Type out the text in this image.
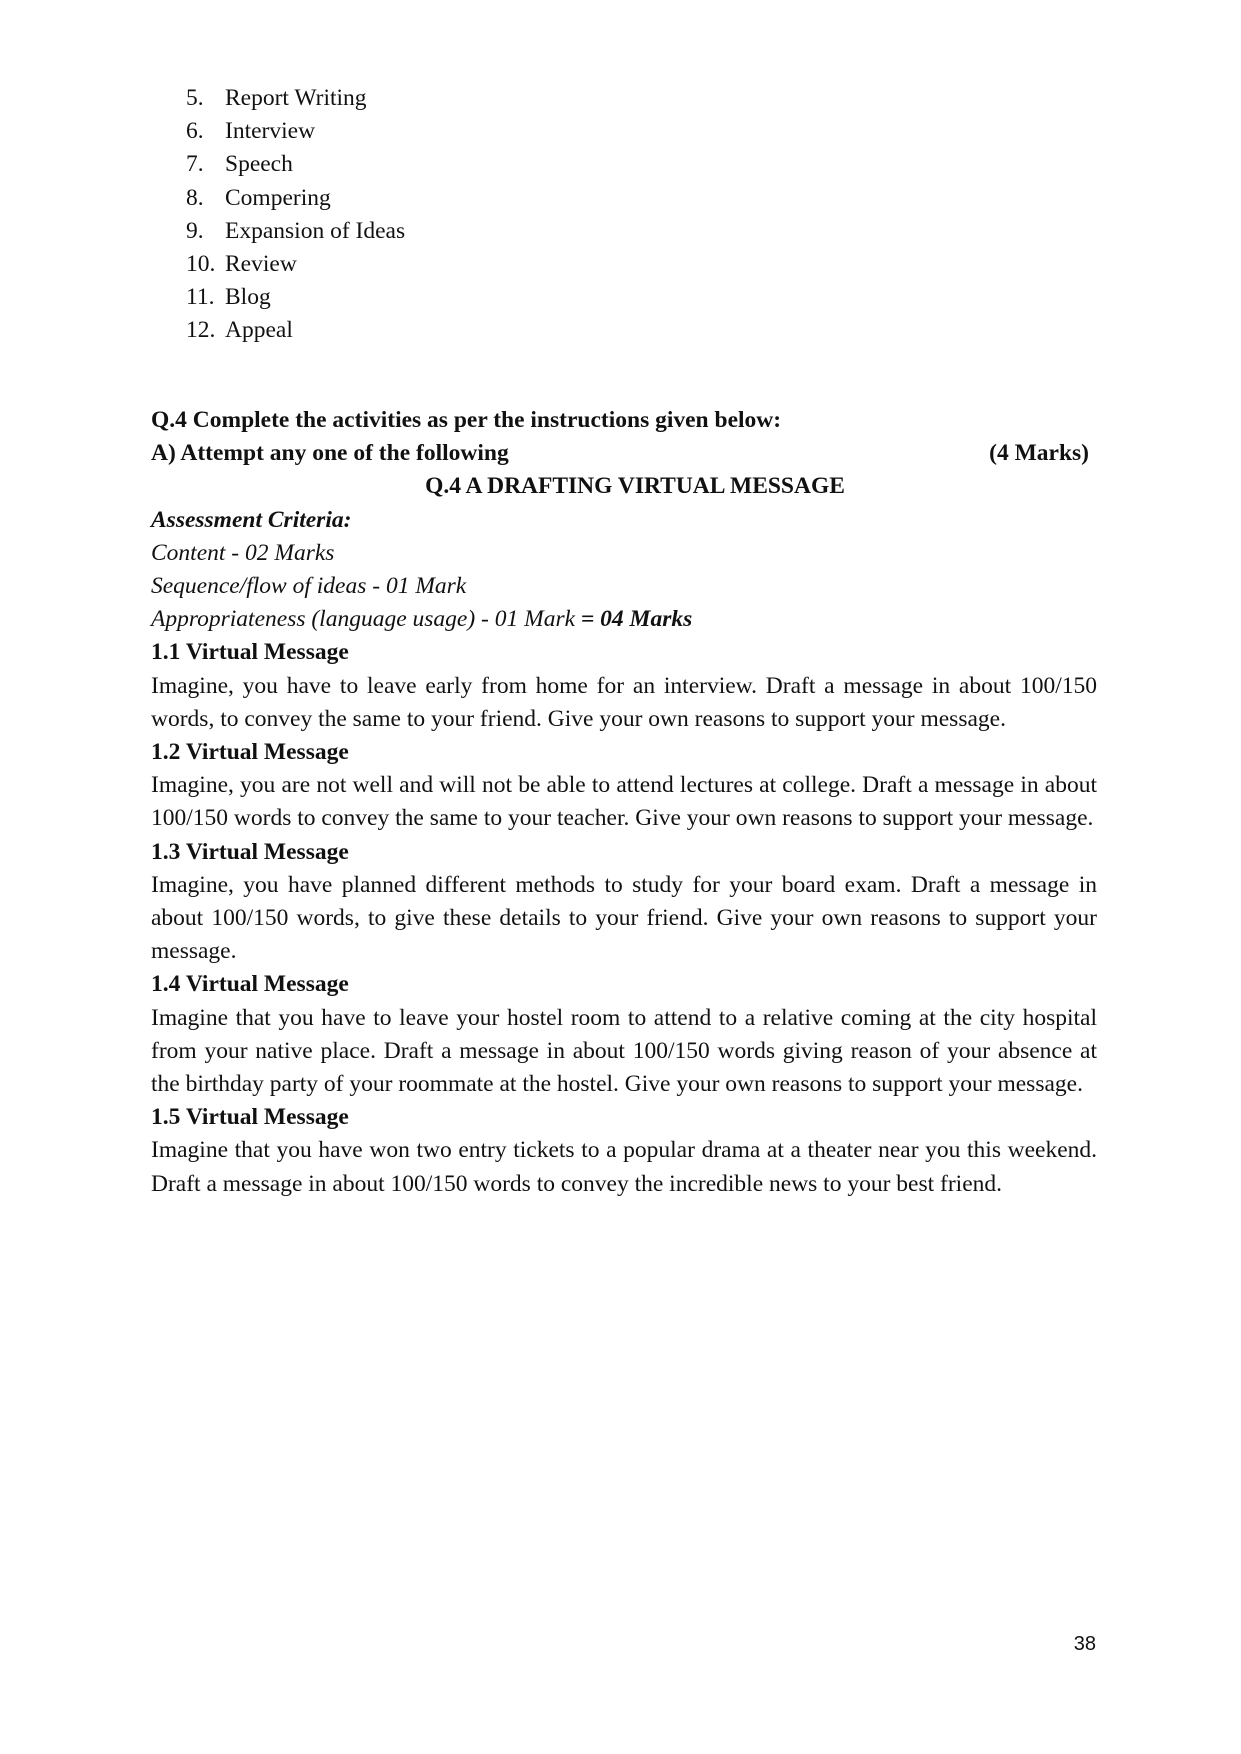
5. Report Writing
6. Interview
7. Speech
8. Compering
9. Expansion of Ideas
10. Review
11. Blog
12. Appeal
Q.4 Complete the activities as per the instructions given below:
A) Attempt any one of the following	(4 Marks)
Q.4 A DRAFTING VIRTUAL MESSAGE
Assessment Criteria:
Content - 02 Marks
Sequence/flow of ideas - 01 Mark
Appropriateness (language usage) - 01 Mark = 04 Marks
1.1 Virtual Message

Imagine, you have to leave early from home for an interview. Draft a message in about 100/150 words, to convey the same to your friend. Give your own reasons to support your message.

1.2 Virtual Message

Imagine, you are not well and will not be able to attend lectures at college. Draft a message in about 100/150 words to convey the same to your teacher. Give your own reasons to support your message.

1.3 Virtual Message

Imagine, you have planned different methods to study for your board exam. Draft a message in about 100/150 words, to give these details to your friend. Give your own reasons to support your message.

1.4 Virtual Message

Imagine that you have to leave your hostel room to attend to a relative coming at the city hospital from your native place. Draft a message in about 100/150 words giving reason of your absence at the birthday party of your roommate at the hostel. Give your own reasons to support your message.

1.5 Virtual Message

Imagine that you have won two entry tickets to a popular drama at a theater near you this weekend. Draft a message in about 100/150 words to convey the incredible news to your best friend.

38
